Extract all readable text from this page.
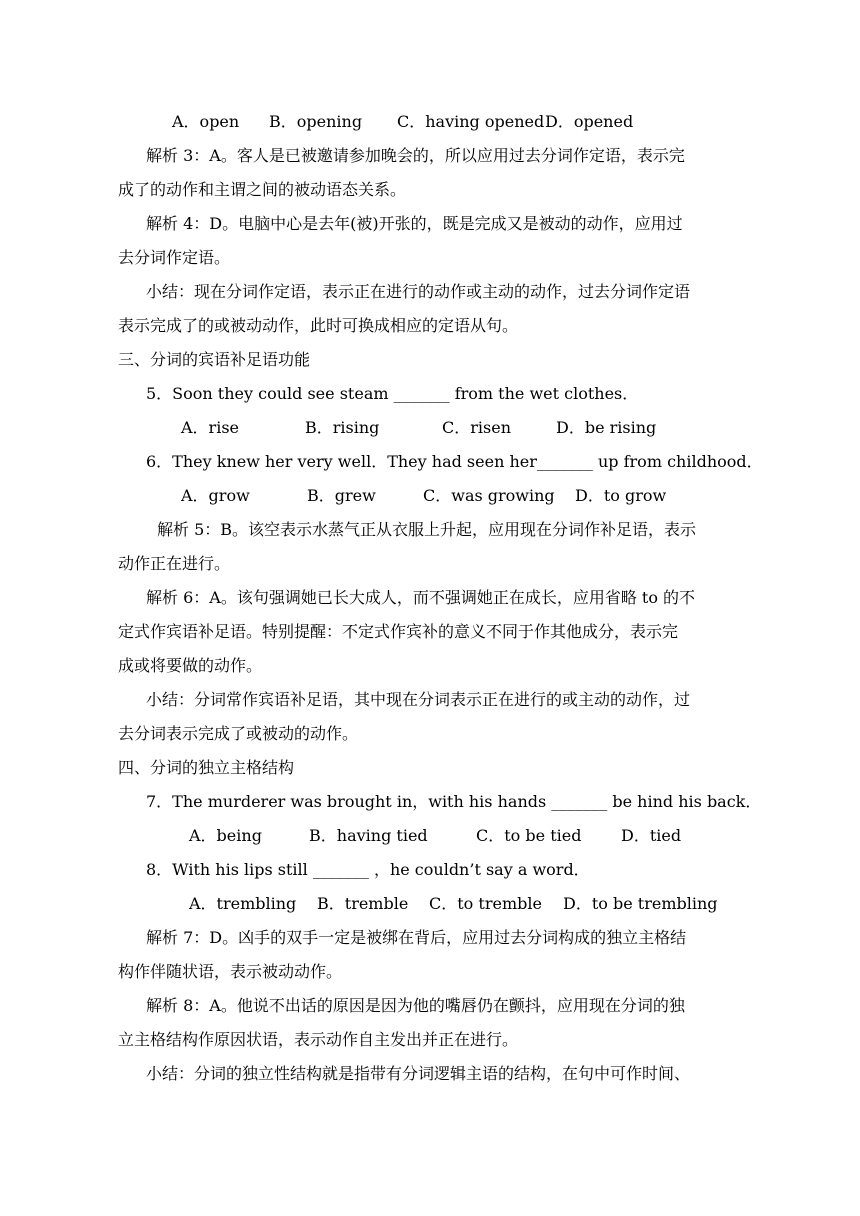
A．open B．opening C．having opened D．opened
解析 3：A。客人是已被邀请参加晚会的，所以应用过去分词作定语，表示完
成了的动作和主谓之间的被动语态关系。
解析 4：D。电脑中心是去年(被)开张的，既是完成又是被动的动作，应用过
去分词作定语。
小结：现在分词作定语，表示正在进行的动作或主动的动作，过去分词作定语
表示完成了的或被动动作，此时可换成相应的定语从句。
三、分词的宾语补足语功能
5．Soon they could see steam _______ from the wet clothes．
A．rise	B．rising	C．risen	D．be rising
6．They knew her very well．They had seen her_______ up from childhood．
A．grow	B．grew	C．was growing D．to grow
解析 5：B。该空表示水蒸气正从衣服上升起，应用现在分词作补足语，表示
动作正在进行。
解析 6：A。该句强调她已长大成人，而不强调她正在成长，应用省略 to 的不
定式作宾语补足语。特别提醒：不定式作宾补的意义不同于作其他成分，表示完
成或将要做的动作。
小结：分词常作宾语补足语，其中现在分词表示正在进行的或主动的动作，过
去分词表示完成了或被动的动作。
四、分词的独立主格结构
7．The murderer was brought in，with his hands _______ be hind his back．
A．being	B．having tied	C．to be tied D．tied
8．With his lips still _______ ，he couldn’t say a word．
A．trembling B．tremble C．to tremble D．to be trembling
解析 7：D。凶手的双手一定是被绑在背后，应用过去分词构成的独立主格结
构作伴随状语，表示被动动作。
解析 8：A。他说不出话的原因是因为他的嘴唇仍在颤抖，应用现在分词的独
立主格结构作原因状语，表示动作自主发出并正在进行。
小结：分词的独立性结构就是指带有分词逻辑主语的结构，在句中可作时间、
